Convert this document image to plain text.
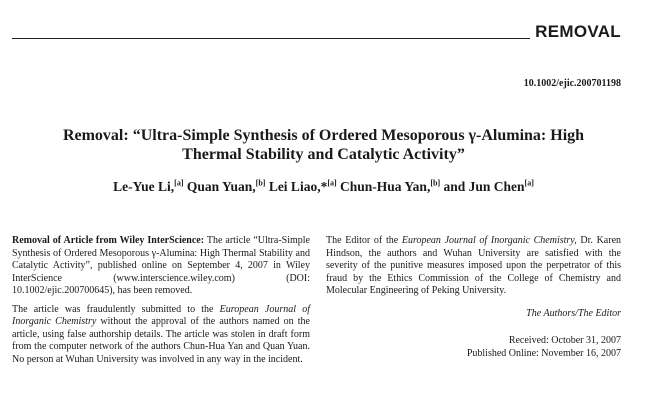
REMOVAL
10.1002/ejic.200701198
Removal: “Ultra-Simple Synthesis of Ordered Mesoporous γ-Alumina: High Thermal Stability and Catalytic Activity”
Le-Yue Li,[a] Quan Yuan,[b] Lei Liao,*[a] Chun-Hua Yan,[b] and Jun Chen[a]

Removal of Article from Wiley InterScience: The article “Ultra-Simple Synthesis of Ordered Mesoporous γ-Alumina: High Thermal Stability and Catalytic Activity”, published online on September 4, 2007 in Wiley InterScience (www.interscience.wiley.com) (DOI: 10.1002/ejic.200700645), has been removed.

The article was fraudulently submitted to the European Journal of Inorganic Chemistry without the approval of the authors named on the article, using false authorship details. The article was stolen in draft form from the computer network of the authors Chun-Hua Yan and Quan Yuan. No person at Wuhan University was involved in any way in the incident.

The Editor of the European Journal of Inorganic Chemistry, Dr. Karen Hindson, the authors and Wuhan University are satisfied with the severity of the punitive measures imposed upon the perpetrator of this fraud by the Ethics Commission of the College of Chemistry and Molecular Engineering of Peking University.

The Authors/The Editor
Received: October 31, 2007
Published Online: November 16, 2007
